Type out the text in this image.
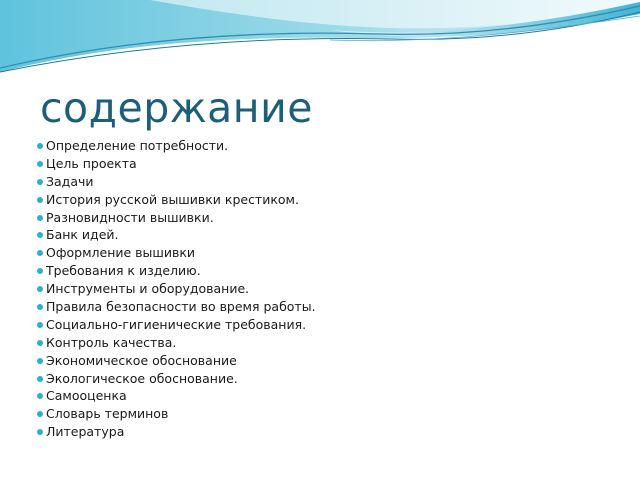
содержание
Определение потребности.
Цель проекта
Задачи
История русской вышивки крестиком.
Разновидности вышивки.
Банк идей.
Оформление вышивки
Требования к изделию.
Инструменты и оборудование.
Правила безопасности во время работы.
Социально-гигиенические требования.
Контроль качества.
Экономическое обоснование
Экологическое обоснование.
Самооценка
Словарь терминов
Литература
